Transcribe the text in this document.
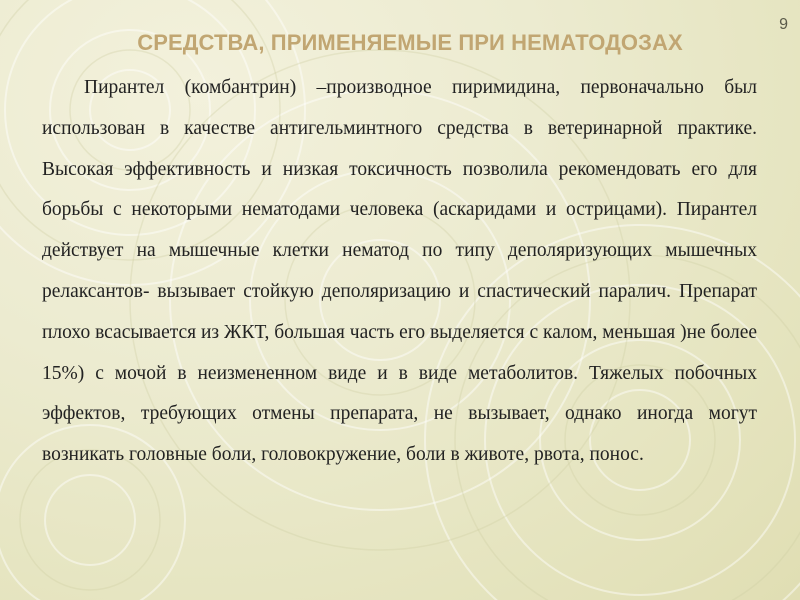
9
СРЕДСТВА, ПРИМЕНЯЕМЫЕ ПРИ НЕМАТОДОЗАХ

Пирантел (комбантрин) –производное пиримидина, первоначально был использован в качестве антигельминтного средства в ветеринарной практике. Высокая эффективность и низкая токсичность позволила рекомендовать его для борьбы с некоторыми нематодами человека (аскаридами и острицами). Пирантел действует на мышечные клетки нематод по типу деполяризующих мышечных релаксантов- вызывает стойкую деполяризацию и спастический паралич. Препарат плохо всасывается из ЖКТ, большая часть его выделяется с калом, меньшая )не более 15%) с мочой в неизмененном виде и в виде метаболитов. Тяжелых побочных эффектов, требующих отмены препарата, не вызывает, однако иногда могут возникать головные боли, головокружение, боли в животе, рвота, понос.
